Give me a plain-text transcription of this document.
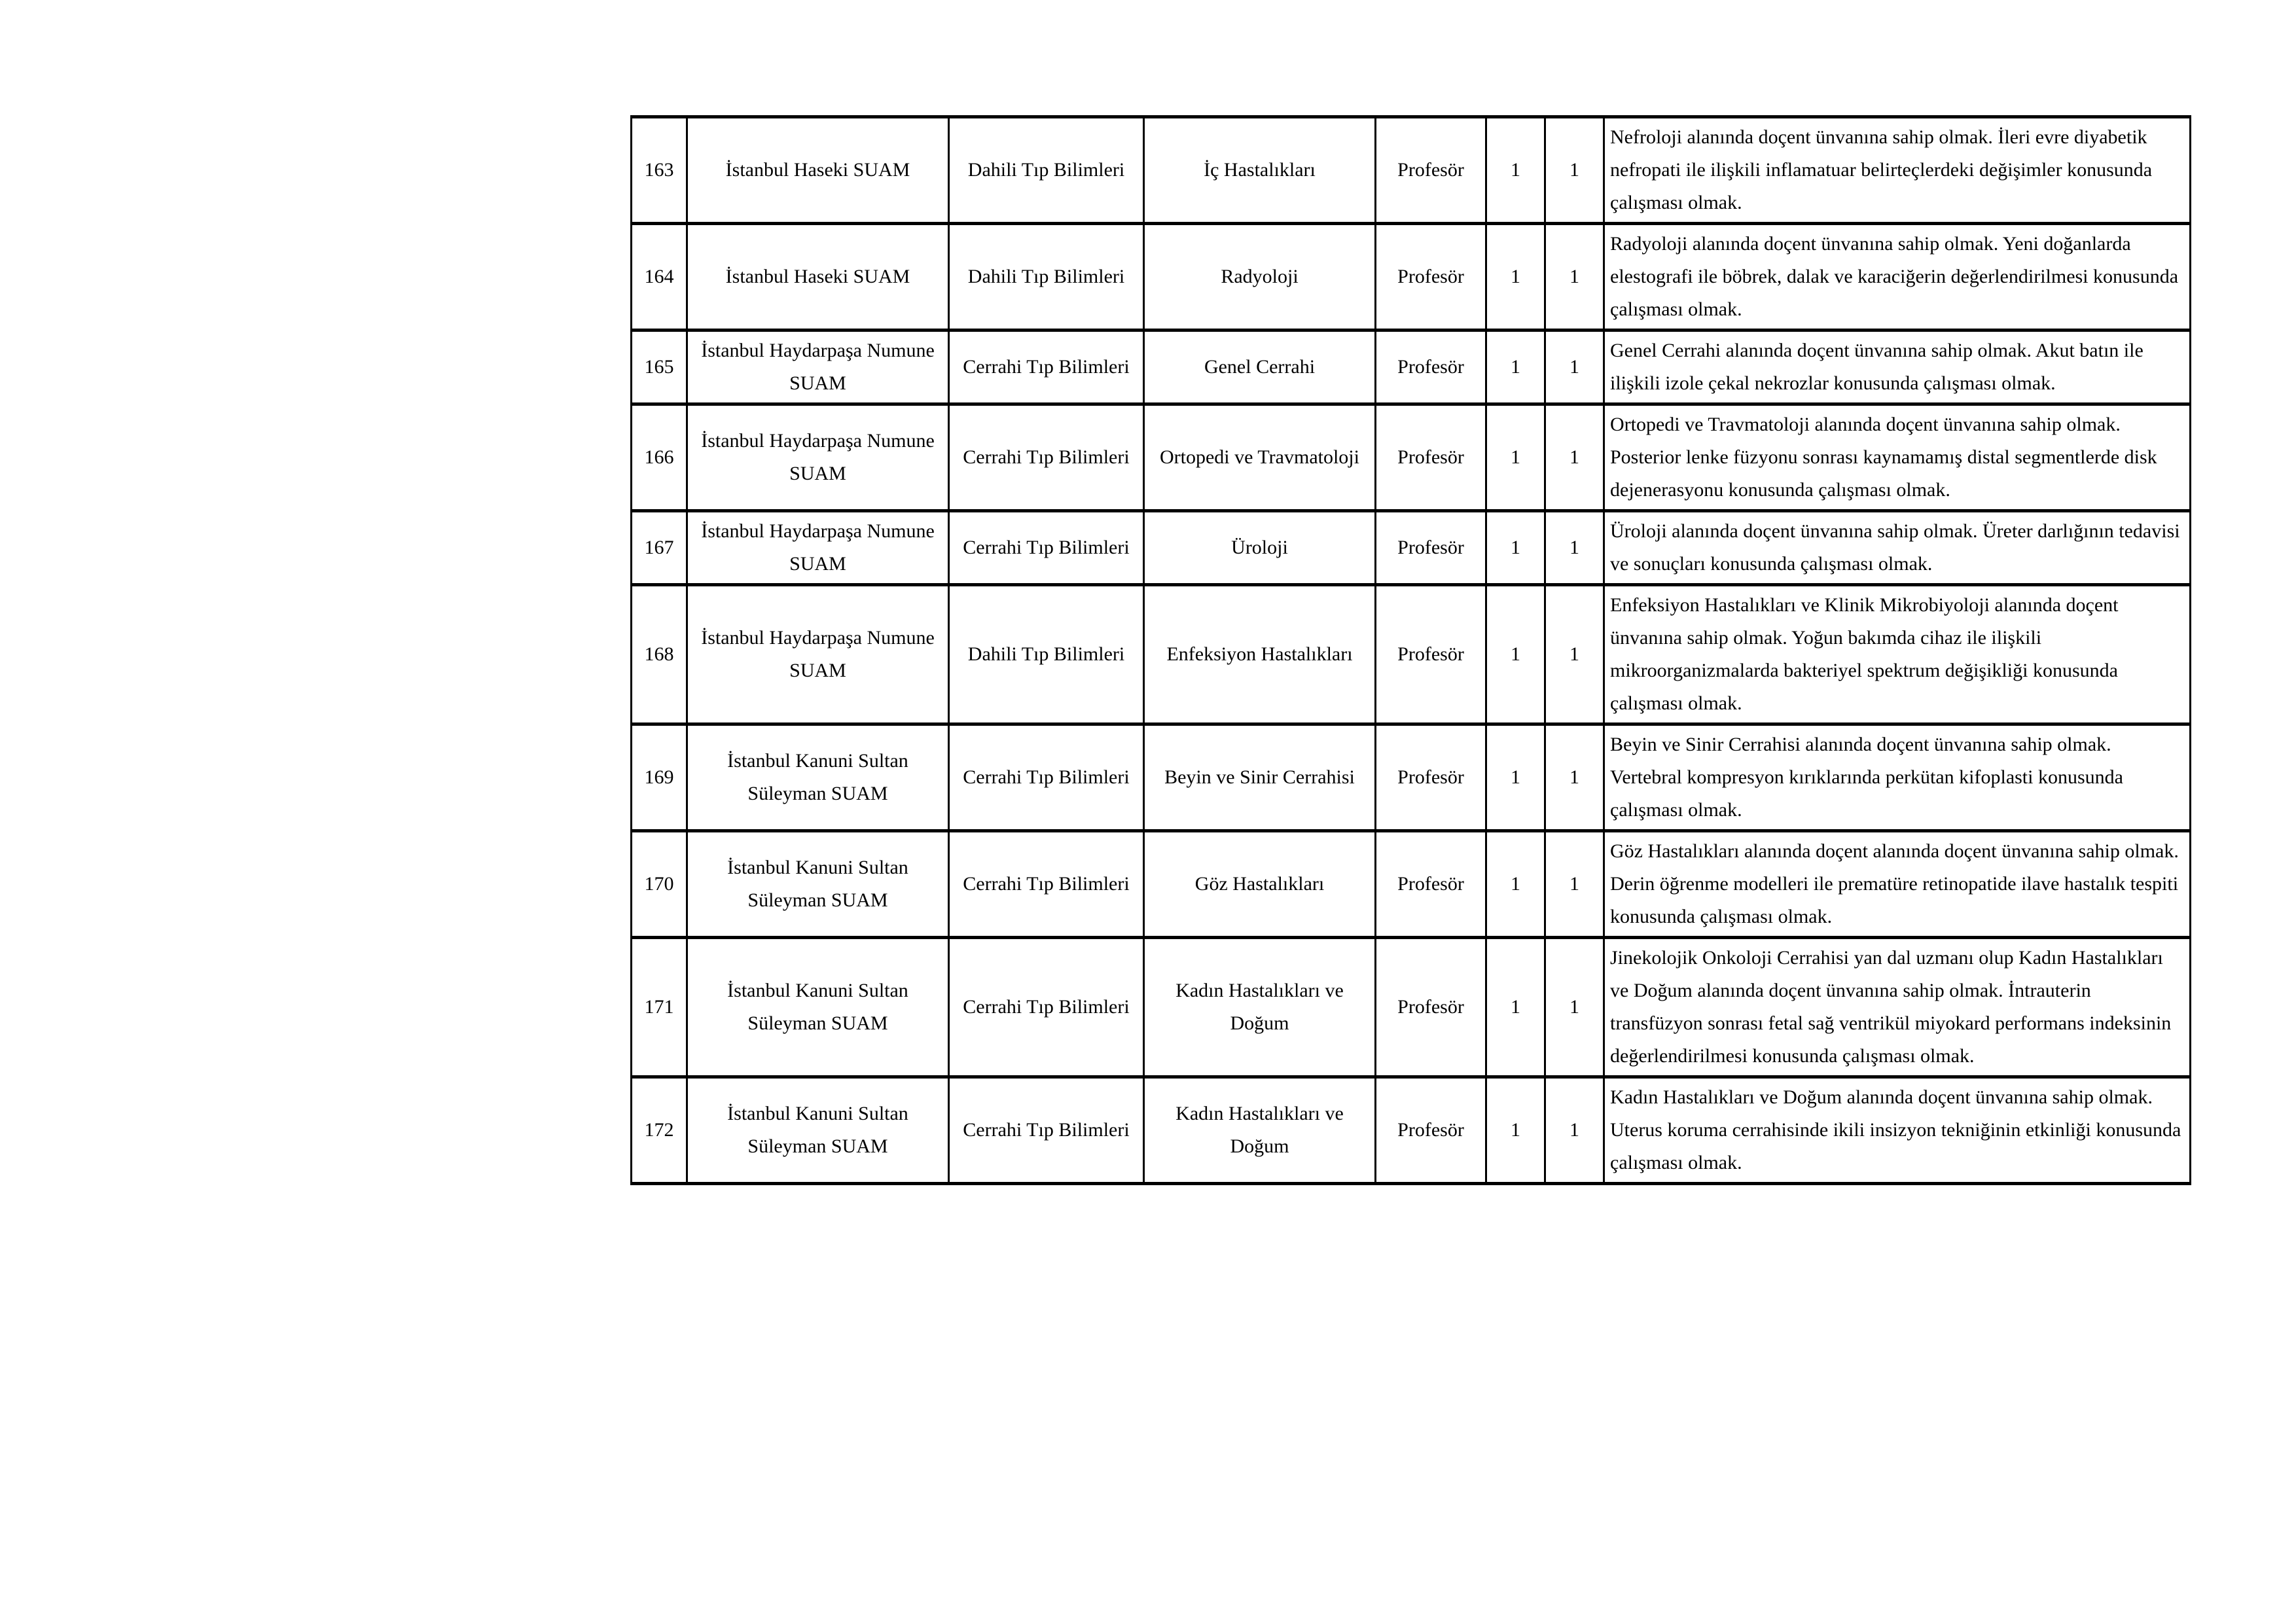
163	İstanbul Haseki SUAM	Dahili Tıp Bilimleri	İç Hastalıkları	Profesör	1	1	Nefroloji alanında doçent ünvanına sahip olmak. İleri evre diyabetik nefropati ile ilişkili inflamatuar belirteçlerdeki değişimler konusunda çalışması olmak.
164	İstanbul Haseki SUAM	Dahili Tıp Bilimleri	Radyoloji	Profesör	1	1	Radyoloji alanında doçent ünvanına sahip olmak. Yeni doğanlarda elestografi ile böbrek, dalak ve karaciğerin değerlendirilmesi konusunda çalışması olmak.
165	İstanbul Haydarpaşa Numune SUAM	Cerrahi Tıp Bilimleri	Genel Cerrahi	Profesör	1	1	Genel Cerrahi alanında doçent ünvanına sahip olmak. Akut batın ile ilişkili izole çekal nekrozlar konusunda çalışması olmak.
166	İstanbul Haydarpaşa Numune SUAM	Cerrahi Tıp Bilimleri	Ortopedi ve Travmatoloji	Profesör	1	1	Ortopedi ve Travmatoloji alanında doçent ünvanına sahip olmak. Posterior lenke füzyonu sonrası kaynamamış distal segmentlerde disk dejenerasyonu konusunda çalışması olmak.
167	İstanbul Haydarpaşa Numune SUAM	Cerrahi Tıp Bilimleri	Üroloji	Profesör	1	1	Üroloji alanında doçent ünvanına sahip olmak. Üreter darlığının tedavisi ve sonuçları konusunda çalışması olmak.
168	İstanbul Haydarpaşa Numune SUAM	Dahili Tıp Bilimleri	Enfeksiyon Hastalıkları	Profesör	1	1	Enfeksiyon Hastalıkları ve Klinik Mikrobiyoloji alanında doçent ünvanına sahip olmak. Yoğun bakımda cihaz ile ilişkili mikroorganizmalarda bakteriyel spektrum değişikliği konusunda çalışması olmak.
169	İstanbul Kanuni Sultan Süleyman SUAM	Cerrahi Tıp Bilimleri	Beyin ve Sinir Cerrahisi	Profesör	1	1	Beyin ve Sinir Cerrahisi alanında doçent ünvanına sahip olmak. Vertebral kompresyon kırıklarında perkütan kifoplasti konusunda çalışması olmak.
170	İstanbul Kanuni Sultan Süleyman SUAM	Cerrahi Tıp Bilimleri	Göz Hastalıkları	Profesör	1	1	Göz Hastalıkları alanında doçent alanında doçent ünvanına sahip olmak. Derin öğrenme modelleri ile prematüre retinopatide ilave hastalık tespiti konusunda çalışması olmak.
171	İstanbul Kanuni Sultan Süleyman SUAM	Cerrahi Tıp Bilimleri	Kadın Hastalıkları ve Doğum	Profesör	1	1	Jinekolojik Onkoloji Cerrahisi yan dal uzmanı olup Kadın Hastalıkları ve Doğum alanında doçent ünvanına sahip olmak. İntrauterin transfüzyon sonrası fetal sağ ventrikül miyokard performans indeksinin değerlendirilmesi konusunda çalışması olmak.
172	İstanbul Kanuni Sultan Süleyman SUAM	Cerrahi Tıp Bilimleri	Kadın Hastalıkları ve Doğum	Profesör	1	1	Kadın Hastalıkları ve Doğum alanında doçent ünvanına sahip olmak. Uterus koruma cerrahisinde ikili insizyon tekniğinin etkinliği konusunda çalışması olmak.
